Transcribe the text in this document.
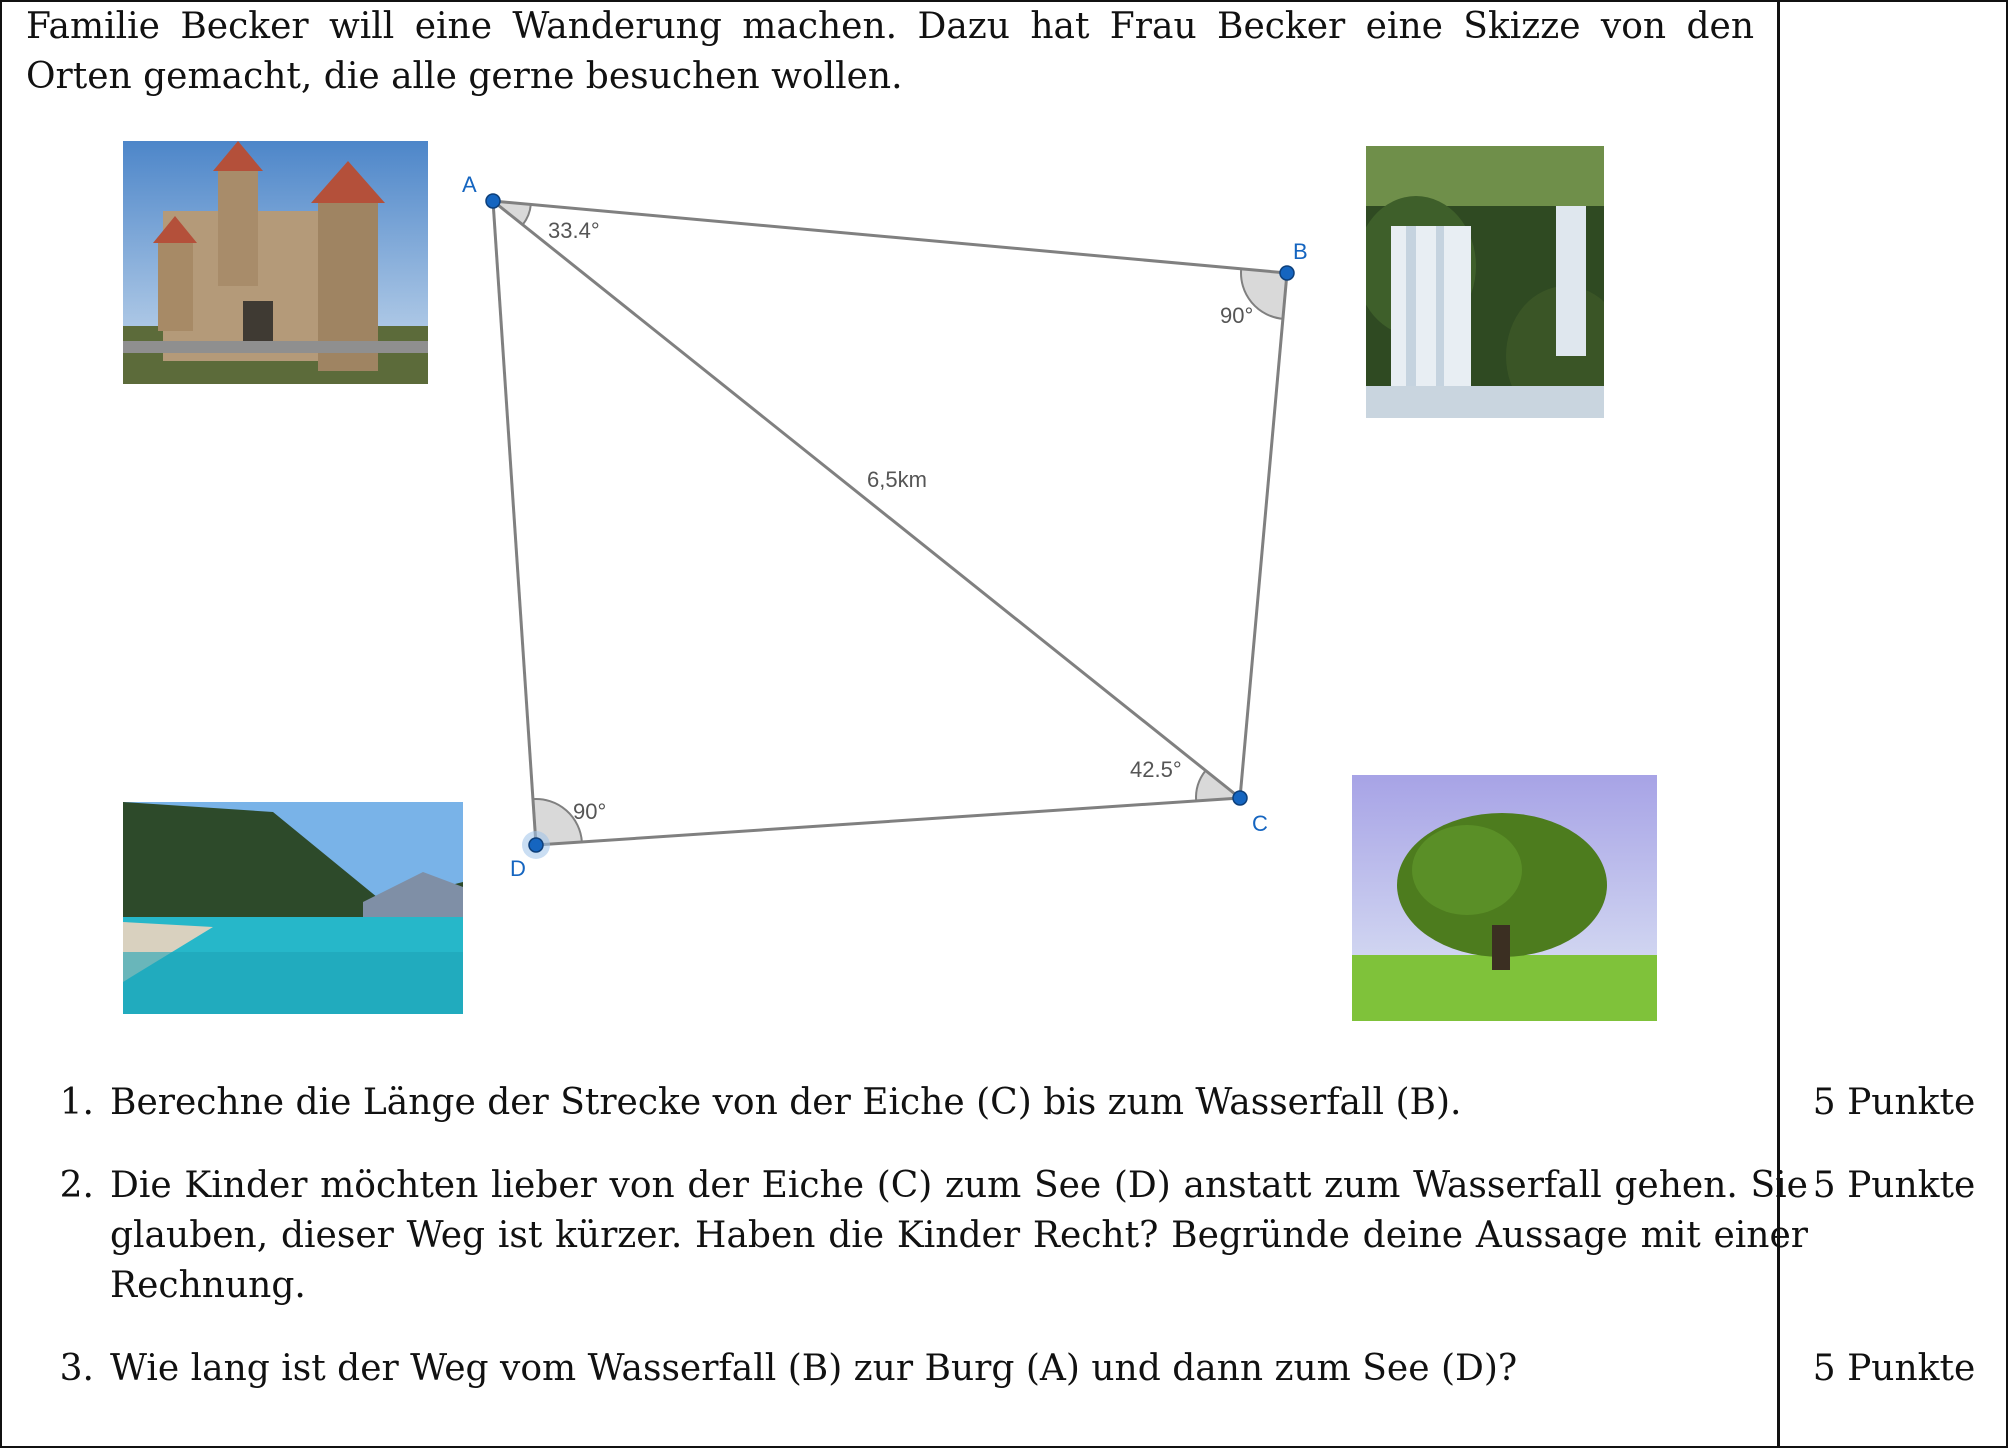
Familie Becker will eine Wanderung machen. Dazu hat Frau Becker eine Skizze von den Orten gemacht, die alle gerne besuchen wollen.
A
B
C
D
33.4°
90°
42.5°
90°
6,5km
1. Berechne die Länge der Strecke von der Eiche (C) bis zum Wasserfall (B).	5 Punkte
2. Die Kinder möchten lieber von der Eiche (C) zum See (D) anstatt zum Wasserfall gehen. Sie glauben, dieser Weg ist kürzer. Haben die Kinder Recht? Begründe deine Aussage mit einer Rechnung.
5 Punkte
3. Wie lang ist der Weg vom Wasserfall (B) zur Burg (A) und dann zum See (D)?	5 Punkte
